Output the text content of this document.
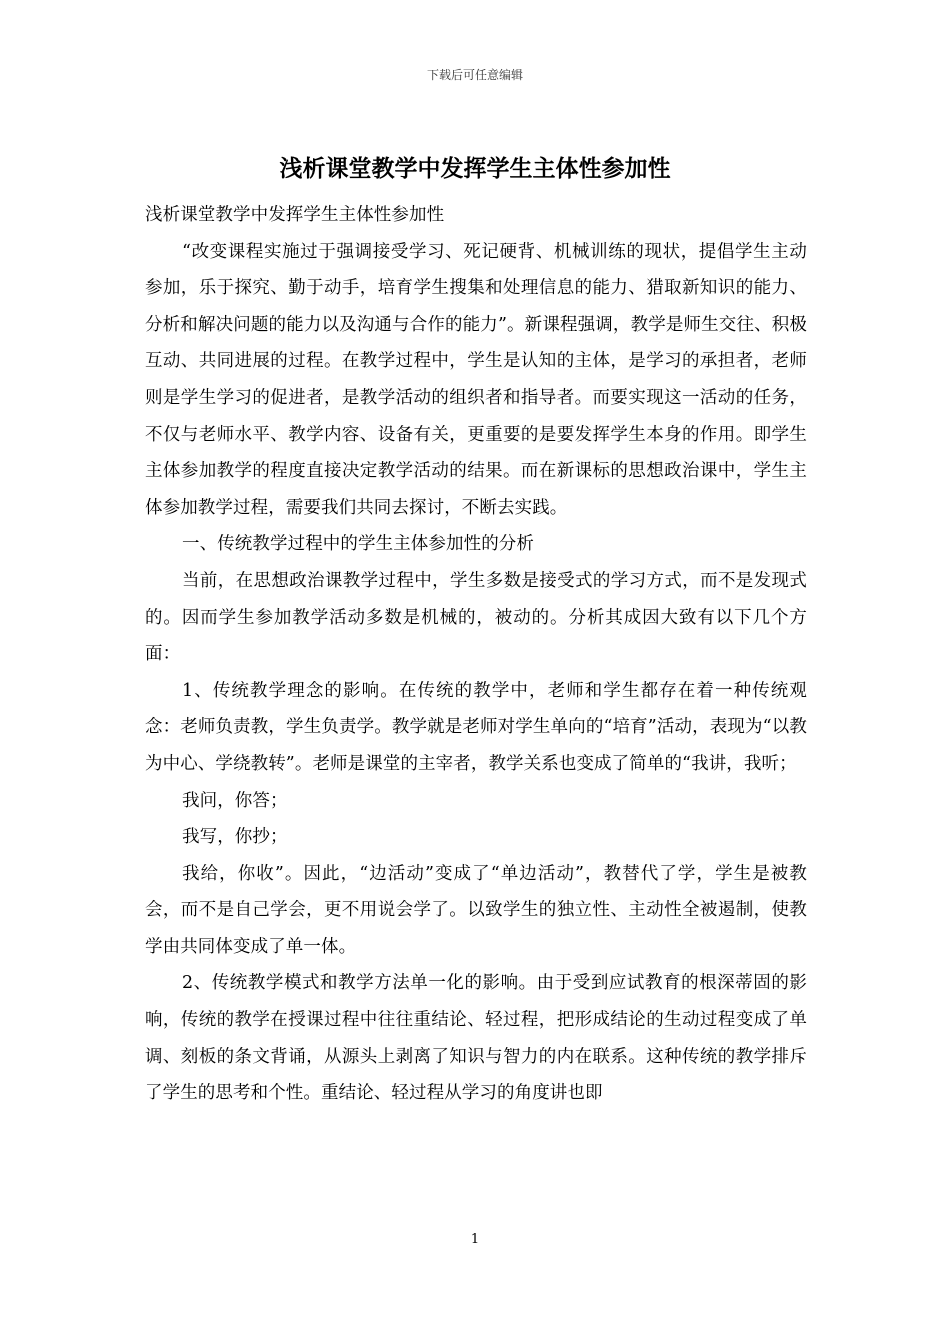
下载后可任意编辑
浅析课堂教学中发挥学生主体性参加性

浅析课堂教学中发挥学生主体性参加性

“改变课程实施过于强调接受学习、死记硬背、机械训练的现状，提倡学生主动参加，乐于探究、勤于动手，培育学生搜集和处理信息的能力、猎取新知识的能力、分析和解决问题的能力以及沟通与合作的能力”。新课程强调，教学是师生交往、积极互动、共同进展的过程。在教学过程中，学生是认知的主体，是学习的承担者，老师则是学生学习的促进者，是教学活动的组织者和指导者。而要实现这一活动的任务，不仅与老师水平、教学内容、设备有关，更重要的是要发挥学生本身的作用。即学生主体参加教学的程度直接决定教学活动的结果。而在新课标的思想政治课中，学生主体参加教学过程，需要我们共同去探讨，不断去实践。

一、传统教学过程中的学生主体参加性的分析

当前，在思想政治课教学过程中，学生多数是接受式的学习方式，而不是发现式的。因而学生参加教学活动多数是机械的，被动的。分析其成因大致有以下几个方面：

1、传统教学理念的影响。在传统的教学中，老师和学生都存在着一种传统观念：老师负责教，学生负责学。教学就是老师对学生单向的“培育”活动，表现为“以教为中心、学绕教转”。老师是课堂的主宰者，教学关系也变成了简单的“我讲，我听；

我问，你答；

我写，你抄；

我给，你收”。因此，“边活动”变成了“单边活动”，教替代了学，学生是被教会，而不是自己学会，更不用说会学了。以致学生的独立性、主动性全被遏制，使教学由共同体变成了单一体。

2、传统教学模式和教学方法单一化的影响。由于受到应试教育的根深蒂固的影响，传统的教学在授课过程中往往重结论、轻过程，把形成结论的生动过程变成了单调、刻板的条文背诵，从源头上剥离了知识与智力的内在联系。这种传统的教学排斥了学生的思考和个性。重结论、轻过程从学习的角度讲也即

1
